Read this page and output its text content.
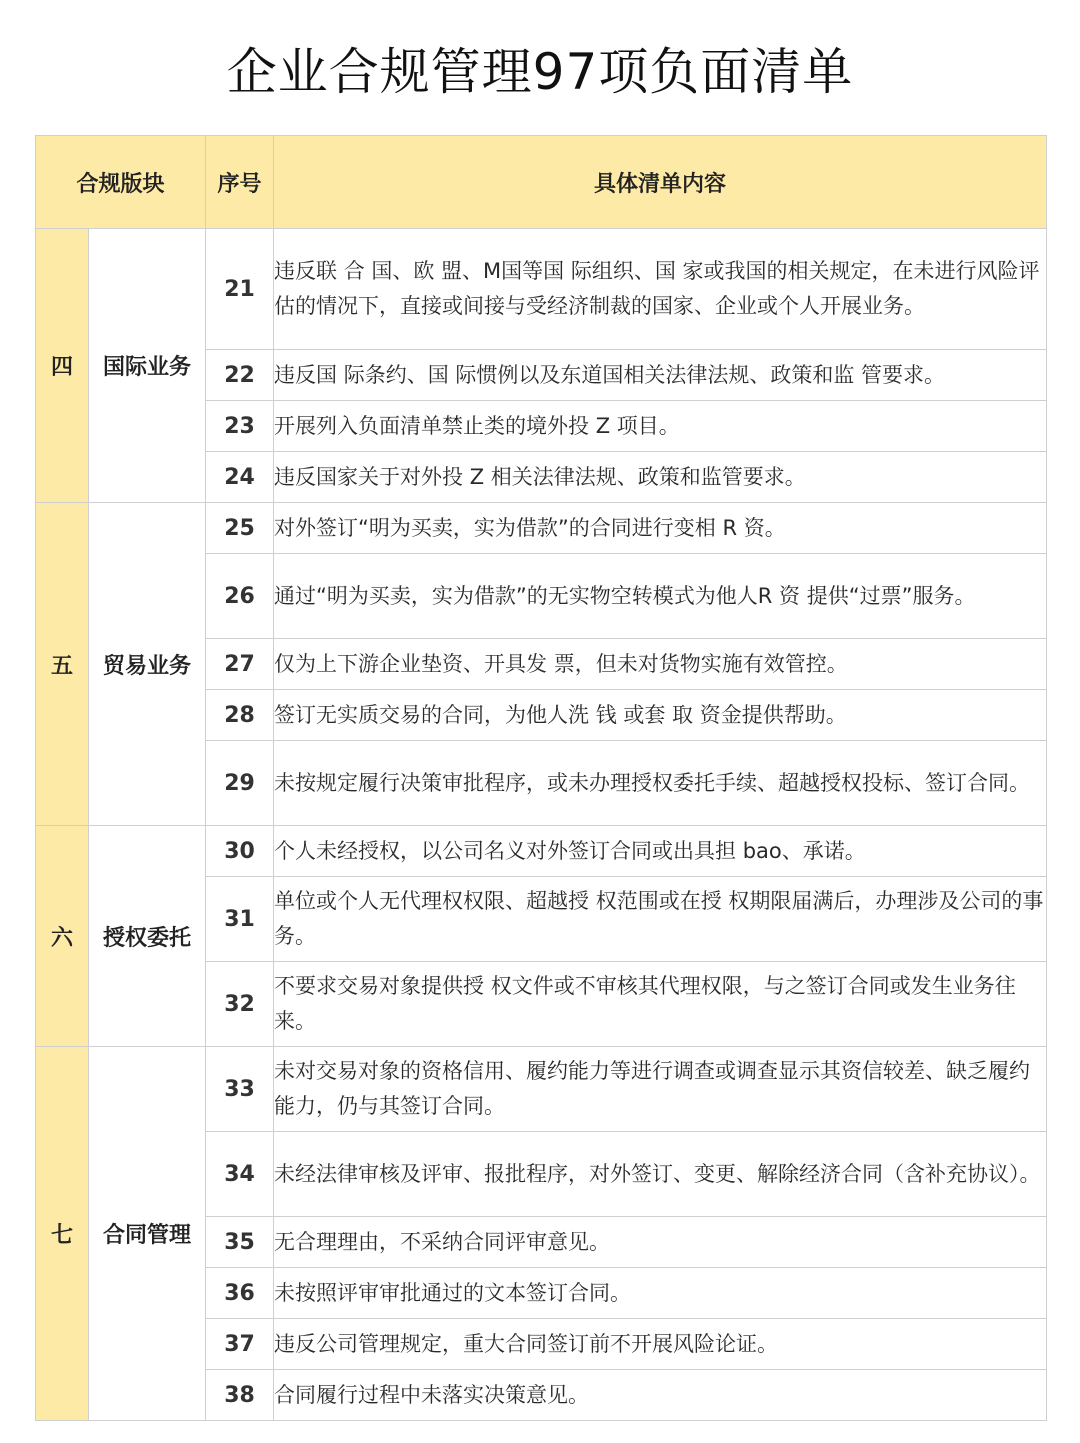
企业合规管理97项负面清单
合规版块		序号	具体清单内容
四	国际业务	21	违反联 合 国、欧 盟、M国等国 际组织、国 家或我国的相关规定，在未进行风险评估的情况下，直接或间接与受经济制裁的国家、企业或个人开展业务。
		22	违反国 际条约、国 际惯例以及东道国相关法律法规、政策和监 管要求。
		23	开展列入负面清单禁止类的境外投 Z 项目。
		24	违反国家关于对外投 Z 相关法律法规、政策和监管要求。
五	贸易业务	25	对外签订“明为买卖，实为借款”的合同进行变相 R 资。
		26	通过“明为买卖，实为借款”的无实物空转模式为他人R 资 提供“过票”服务。
		27	仅为上下游企业垫资、开具发 票，但未对货物实施有效管控。
		28	签订无实质交易的合同，为他人洗 钱 或套 取 资金提供帮助。
		29	未按规定履行决策审批程序，或未办理授权委托手续、超越授权投标、签订合同。
六	授权委托	30	个人未经授权，以公司名义对外签订合同或出具担 bao、承诺。
		31	单位或个人无代理权权限、超越授 权范围或在授 权期限届满后，办理涉及公司的事务。
		32	不要求交易对象提供授 权文件或不审核其代理权限，与之签订合同或发生业务往来。
七	合同管理	33	未对交易对象的资格信用、履约能力等进行调查或调查显示其资信较差、缺乏履约能力，仍与其签订合同。
		34	未经法律审核及评审、报批程序，对外签订、变更、解除经济合同（含补充协议）。
		35	无合理理由，不采纳合同评审意见。
		36	未按照评审审批通过的文本签订合同。
		37	违反公司管理规定，重大合同签订前不开展风险论证。
		38	合同履行过程中未落实决策意见。
